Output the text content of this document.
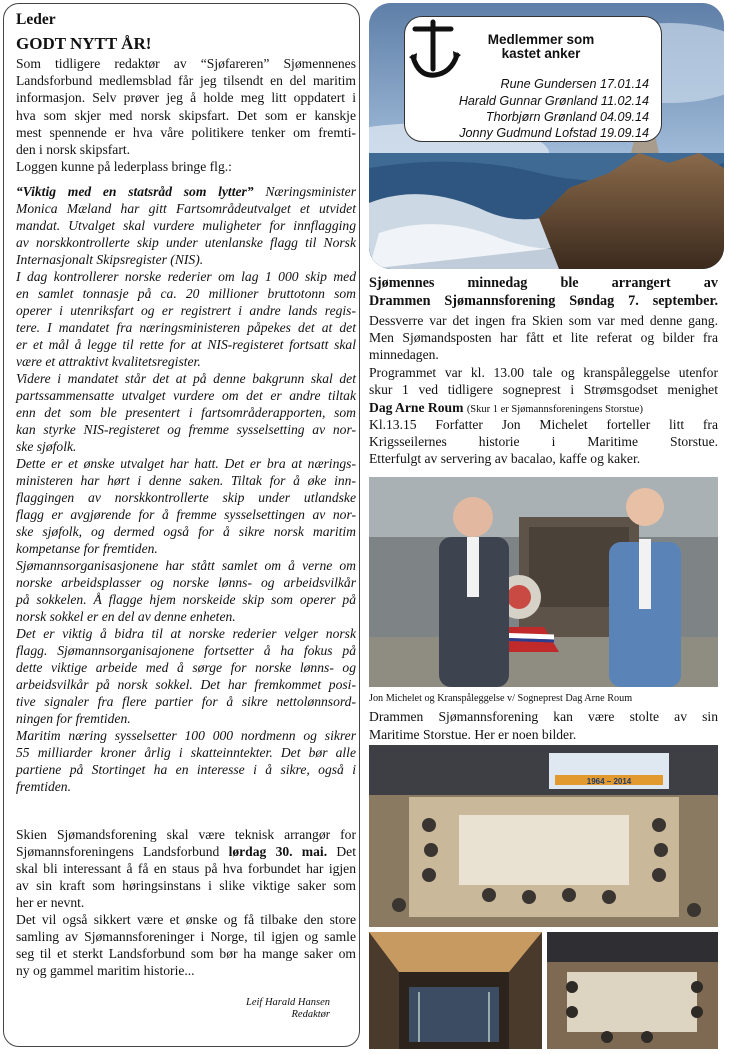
Leder

GODT NYTT ÅR!

Som tidligere redaktør av “Sjøfareren” Sjømennenes

Landsforbund medlemsblad får jeg tilsendt en del maritim

informasjon. Selv prøver jeg å holde meg litt oppdatert i

hva som skjer med norsk skipsfart. Det som er kanskje

mest spennende er hva våre politikere tenker om fremti-

den i norsk skipsfart.

Loggen kunne på lederplass bringe flg.:

“Viktig med en statsråd som lytter” Næringsminister

Monica Mæland har gitt Fartsområdeutvalget et utvidet

mandat. Utvalget skal vurdere muligheter for innflagging

av norskkontrollerte skip under utenlanske flagg til Norsk

Internasjonalt Skipsregister (NIS).

I dag kontrollerer norske rederier om lag 1 000 skip med

en samlet tonnasje på ca. 20 millioner bruttotonn som

operer i utenriksfart og er registrert i andre lands regis-

tere. I mandatet fra næringsministeren påpekes det at det

er et mål å legge til rette for at NIS-registeret fortsatt skal

være et attraktivt kvalitetsregister.

Videre i mandatet står det at på denne bakgrunn skal det

partssammensatte utvalget vurdere om det er andre tiltak

enn det som ble presentert i fartsområderapporten, som

kan styrke NIS-registeret og fremme sysselsetting av nor-

ske sjøfolk.

Dette er et ønske utvalget har hatt. Det er bra at nærings-

ministeren har hørt i denne saken. Tiltak for å øke inn-

flaggingen av norskkontrollerte skip under utlandske

flagg er avgjørende for å fremme sysselsettingen av nor-

ske sjøfolk, og dermed også for å sikre norsk maritim

kompetanse for fremtiden.

Sjømannsorganisasjonene har stått samlet om å verne om

norske arbeidsplasser og norske lønns- og arbeidsvilkår

på sokkelen. Å flagge hjem norskeide skip som operer på

norsk sokkel er en del av denne enheten.

Det er viktig å bidra til at norske rederier velger norsk

flagg. Sjømannsorganisajonene fortsetter å ha fokus på

dette viktige arbeide med å sørge for norske lønns- og

arbeidsvilkår på norsk sokkel. Det har fremkommet posi-

tive signaler fra flere partier for å sikre nettolønnsord-

ningen for fremtiden.

Maritim næring sysselsetter 100 000 nordmenn og sikrer

55 milliarder kroner årlig i skatteinntekter. Det bør alle

partiene på Stortinget ha en interesse i å sikre, også i

fremtiden.

Skien Sjømandsforening skal være teknisk arrangør for

Sjømannsforeningens Landsforbund lørdag 30. mai. Det

skal bli interessant å få en staus på hva forbundet har igjen

av sin kraft som høringsinstans i slike viktige saker som

her er nevnt.

Det vil også sikkert være et ønske og få tilbake den store

samling av Sjømannsforeninger i Norge, til igjen og samle

seg til et sterkt Landsforbund som bør ha mange saker om

ny og gammel maritim historie...

Leif Harald Hansen
Redaktør
Medlemmer som
kastet anker
Rune Gundersen 17.01.14
Harald Gunnar Grønland 11.02.14
Thorbjørn Grønland 04.09.14
Jonny Gudmund Lofstad 19.09.14

Sjømennes minnedag ble arrangert av

Drammen Sjømannsforening Søndag 7. september.

Dessverre var det ingen fra Skien som var med denne gang.

Men Sjømandsposten har fått et lite referat og bilder fra

minnedagen.

Programmet var kl. 13.00 tale og kranspåleggelse utenfor

skur 1 ved tidligere sogneprest i Strømsgodset menighet

Dag Arne Roum (Skur 1 er Sjømannsforeningens Storstue)

Kl.13.15 Forfatter Jon Michelet forteller litt fra

Krigsseilernes historie i Maritime Storstue.

Etterfulgt av servering av bacalao, kaffe og kaker.

Jon Michelet og Kranspåleggelse v/ Sogneprest Dag Arne Roum

Drammen Sjømannsforening kan være stolte av sin

Maritime Storstue. Her er noen bilder.

1964 – 2014
